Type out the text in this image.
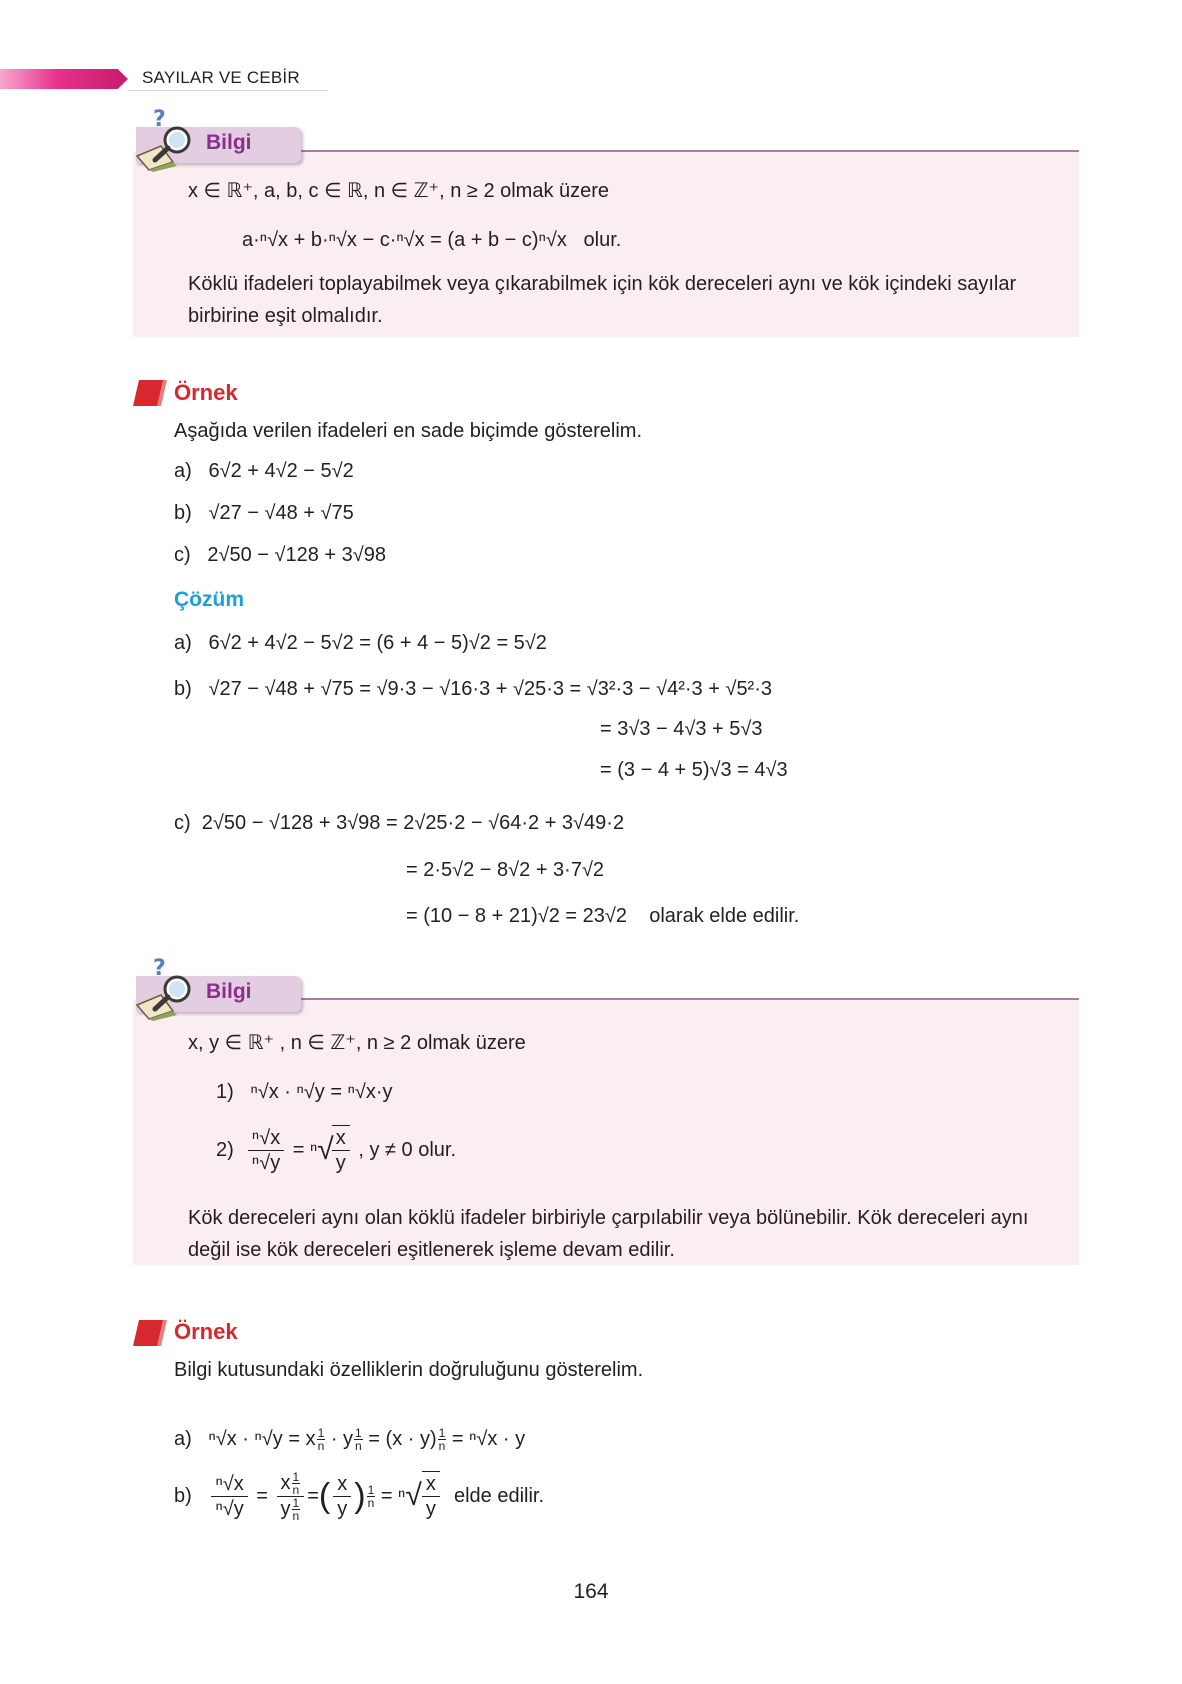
SAYILAR VE CEBİR
?
Bilgi
x ∈ ℝ⁺, a, b, c ∈ ℝ, n ∈ ℤ⁺, n ≥ 2 olmak üzere
a·ⁿ√x + b·ⁿ√x − c·ⁿ√x = (a + b − c)ⁿ√x olur.
Köklü ifadeleri toplayabilmek veya çıkarabilmek için kök dereceleri aynı ve kök içindeki sayılar birbirine eşit olmalıdır.
Örnek
Aşağıda verilen ifadeleri en sade biçimde gösterelim.
a) 6√2 + 4√2 − 5√2
b) √27 − √48 + √75
c) 2√50 − √128 + 3√98
Çözüm
a) 6√2 + 4√2 − 5√2 = (6 + 4 − 5)√2 = 5√2
b) √27 − √48 + √75 = √9·3 − √16·3 + √25·3 = √3²·3 − √4²·3 + √5²·3
= 3√3 − 4√3 + 5√3
= (3 − 4 + 5)√3 = 4√3
c) 2√50 − √128 + 3√98 = 2√25·2 − √64·2 + 3√49·2
= 2·5√2 − 8√2 + 3·7√2
= (10 − 8 + 21)√2 = 23√2 olarak elde edilir.
?
Bilgi
x, y ∈ ℝ⁺ , n ∈ ℤ⁺, n ≥ 2 olmak üzere
1) ⁿ√x · ⁿ√y = ⁿ√x·y
2)
$\frac{\text{ⁿ√x}}{\text{ⁿ√y}} = ^n$ √
$\frac{x}{y}$
, y ≠ 0 olur.
Kök dereceleri aynı olan köklü ifadeler birbiriyle çarpılabilir veya bölünebilir. Kök dereceleri aynı değil ise kök dereceleri eşitlenerek işleme devam edilir.
Örnek
Bilgi kutusundaki özelliklerin doğruluğunu gösterelim.
a)
ⁿ√x · ⁿ√y = x 1
n · y $\frac{1}{n} = (x \cdot y) \frac{1}{n} = ^n√x \cdot y$
b)
$\frac{\text{ⁿ√x}}{\text{ⁿ√y}} = \frac{x \frac{1}{n}}{y \frac{1}{n}}$ = ( $\frac{x}{y}$ ) 1
n = ⁿ √ $\frac{x}{y}$
elde edilir.
164
